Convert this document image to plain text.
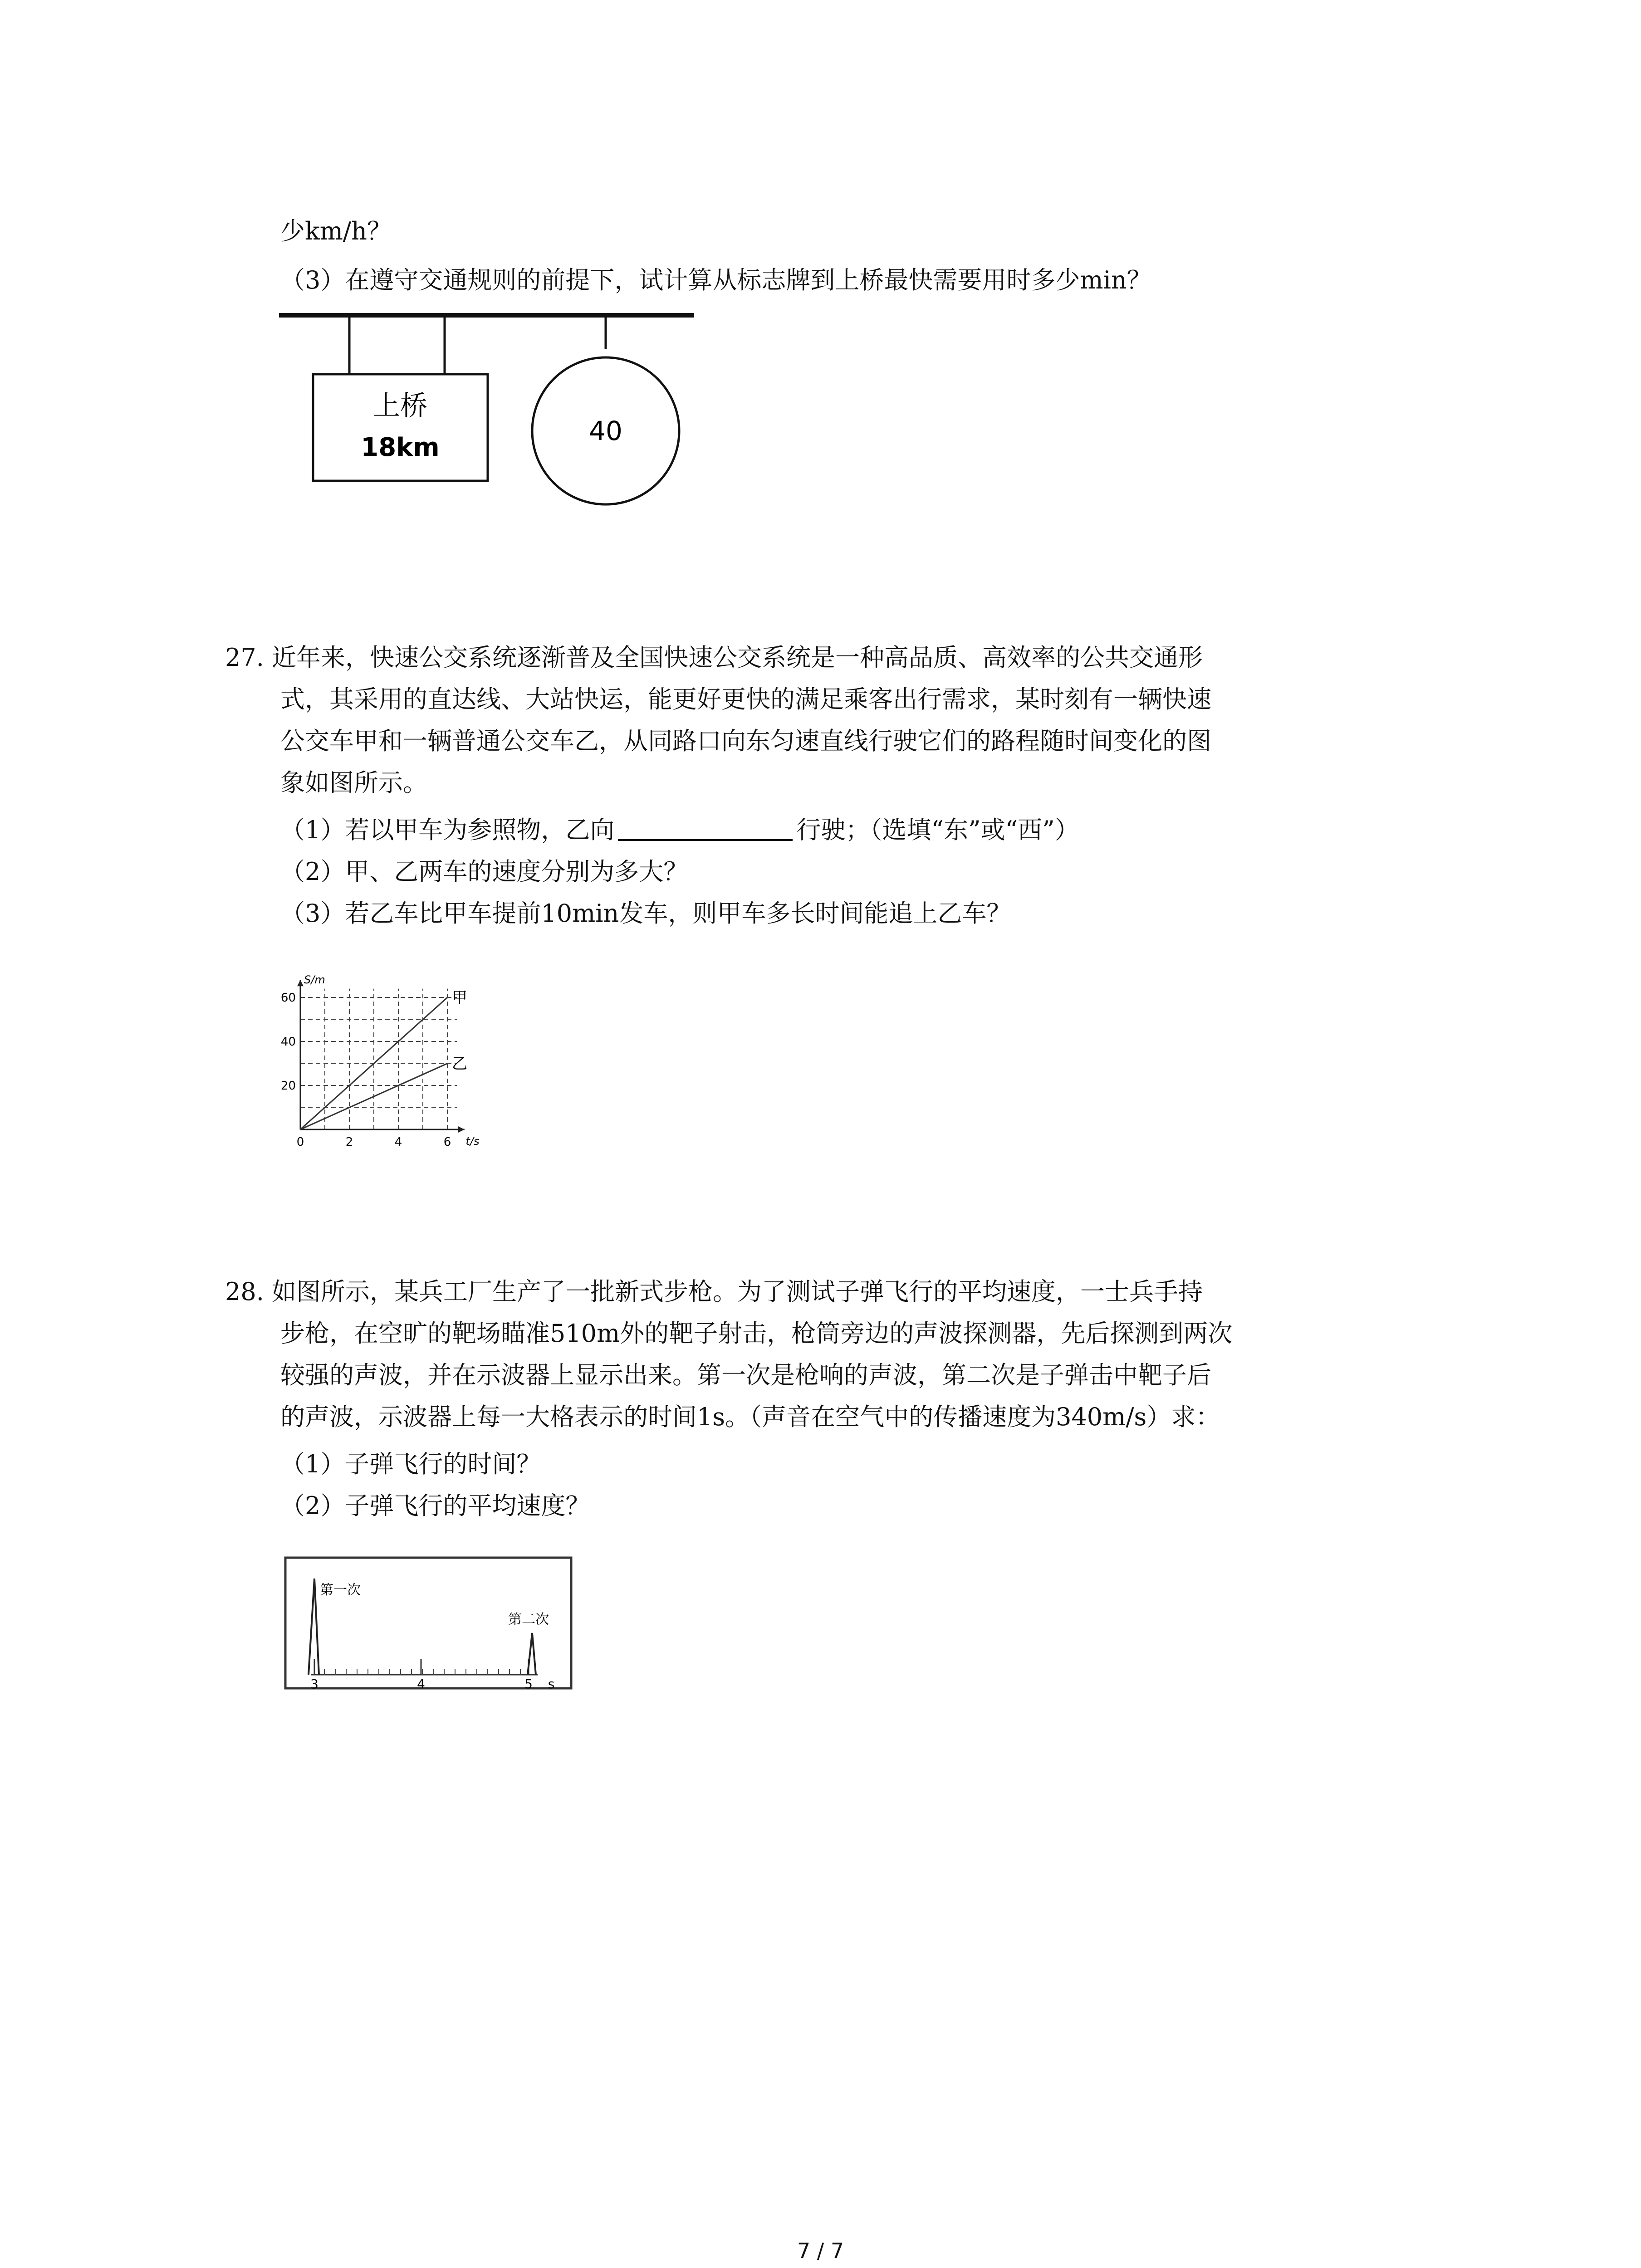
少km/h？
（3）在遵守交通规则的前提下，试计算从标志牌到上桥最快需要用时多少min？
上桥
18km
40
27. 近年来，快速公交系统逐渐普及全国快速公交系统是一种高品质、高效率的公共交通形
式，其采用的直达线、大站快运，能更好更快的满足乘客出行需求，某时刻有一辆快速
公交车甲和一辆普通公交车乙，从同路口向东匀速直线行驶它们的路程随时间变化的图
象如图所示。
（1）若以甲车为参照物，乙向	行驶；（选填“东”或“西”）
（2）甲、乙两车的速度分别为多大？
（3）若乙车比甲车提前10min发车，则甲车多长时间能追上乙车？
S/m
t/s
0	2	4	6
20
40
60	甲
乙
28. 如图所示，某兵工厂生产了一批新式步枪。为了测试子弹飞行的平均速度，一士兵手持
步枪，在空旷的靶场瞄准510m外的靶子射击，枪筒旁边的声波探测器，先后探测到两次
较强的声波，并在示波器上显示出来。第一次是枪响的声波，第二次是子弹击中靶子后
的声波，示波器上每一大格表示的时间1s。（声音在空气中的传播速度为340m/s）求：
（1）子弹飞行的时间？
（2）子弹飞行的平均速度？
第一次
第二次
3	4	5 s
7 / 7
